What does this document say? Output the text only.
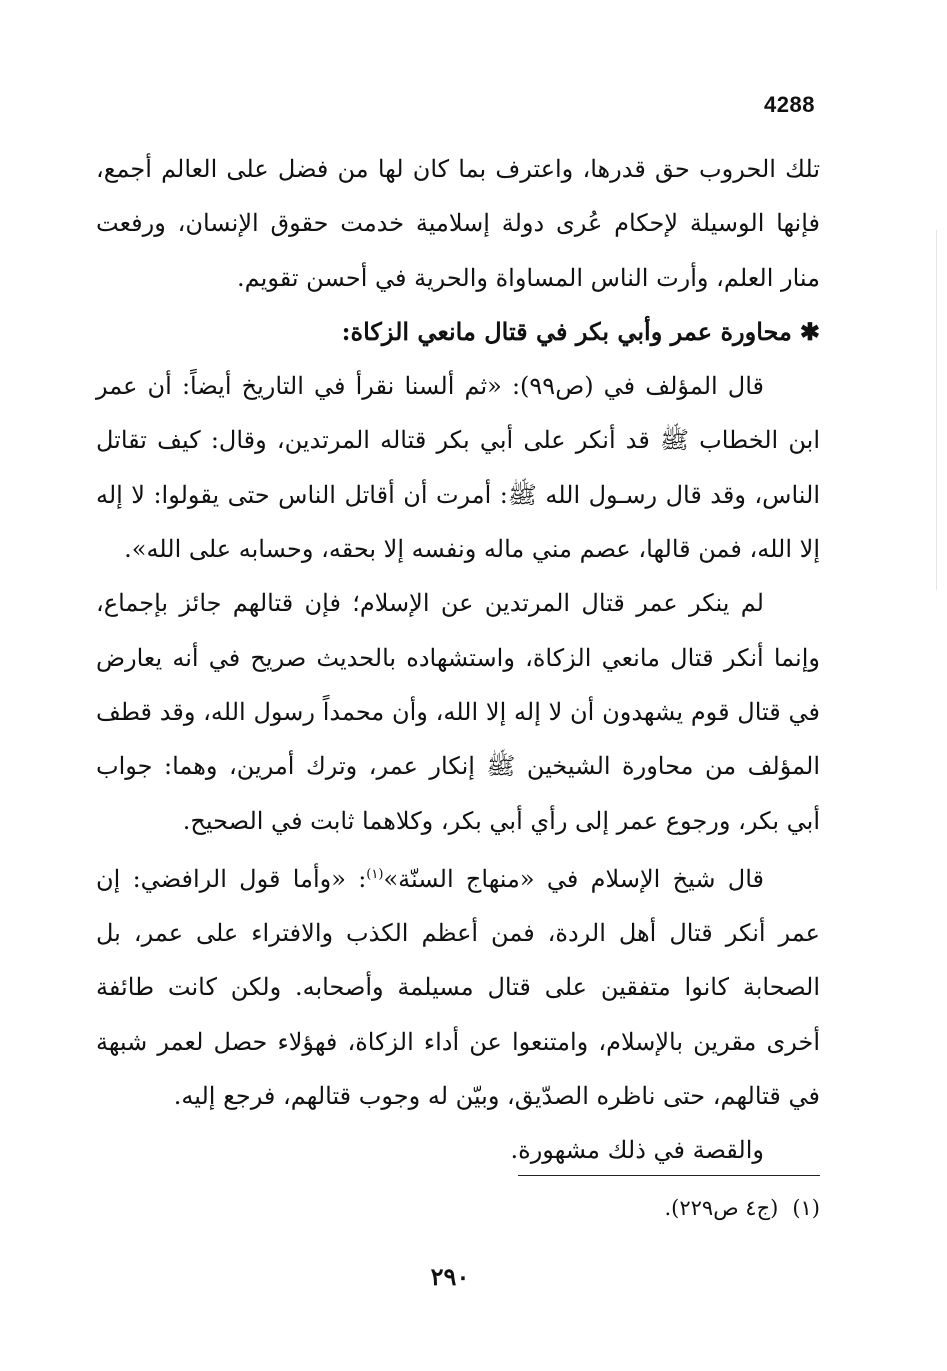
4288

تلك الحروب حق قدرها، واعترف بما كان لها من فضل على العالم أجمع، فإنها الوسيلة لإحكام عُرى دولة إسلامية خدمت حقوق الإنسان، ورفعت منار العلم، وأرت الناس المساواة والحرية في أحسن تقويم.

✱محاورة عمر وأبي بكر في قتال مانعي الزكاة:

قال المؤلف في (ص٩٩): «ثم ألسنا نقرأ في التاريخ أيضاً: أن عمر ابن الخطاب ﷺ قد أنكر على أبي بكر قتاله المرتدين، وقال: كيف تقاتل الناس، وقد قال رسـول الله ﷺ: أمرت أن أقاتل الناس حتى يقولوا: لا إله إلا الله، فمن قالها، عصم مني ماله ونفسه إلا بحقه، وحسابه على الله».

لم ينكر عمر قتال المرتدين عن الإسلام؛ فإن قتالهم جائز بإجماع، وإنما أنكر قتال مانعي الزكاة، واستشهاده بالحديث صريح في أنه يعارض في قتال قوم يشهدون أن لا إله إلا الله، وأن محمداً رسول الله، وقد قطف المؤلف من محاورة الشيخين ﷺ إنكار عمر، وترك أمرين، وهما: جواب أبي بكر، ورجوع عمر إلى رأي أبي بكر، وكلاهما ثابت في الصحيح.

قال شيخ الإسلام في «منهاج السنّة»$^{(١)}$: «وأما قول الرافضي: إن عمر أنكر قتال أهل الردة، فمن أعظم الكذب والافتراء على عمر، بل الصحابة كانوا متفقين على قتال مسيلمة وأصحابه. ولكن كانت طائفة أخرى مقرين بالإسلام، وامتنعوا عن أداء الزكاة، فهؤلاء حصل لعمر شبهة في قتالهم، حتى ناظره الصدّيق، وبيّن له وجوب قتالهم، فرجع إليه.

والقصة في ذلك مشهورة.

(١)(ج٤ ص٢٢٩).
٢٩٠
